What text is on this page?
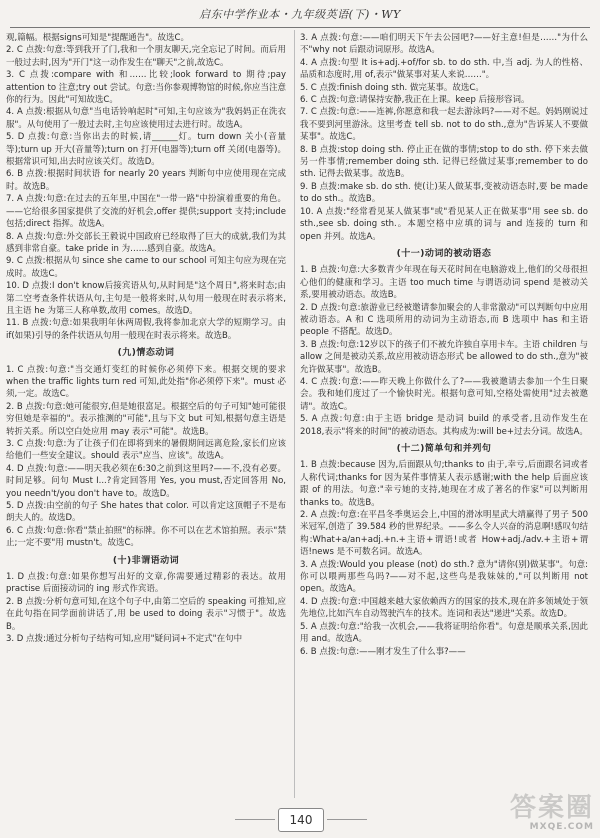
启东中学作业本・九年级英语(下)・WY

观,篇幅。根据signs可知是"提醒通告"。故选C。

2. C 点拨:句意:等到我开了门,我和一个朋友聊天,完全忘记了时间。而后用一般过去时,因为"开门"这一动作发生在"聊天"之前,故选C。

3. C 点拨:compare with 和……比较;look forward to 期待;pay attention to 注意;try out 尝试。句意:当你参观博物馆的时候,你应当注意你的行为。因此"可知故选C。

4. A 点拨:根据从句意"当电话铃响起时"可知,主句应该为"我妈妈正在洗衣服"。从句使用了一般过去时,主句应该使用过去进行时。故选A。

5. D 点拨:句意:当你出去的时候,请______灯。turn down 关小(音量等);turn up 开大(音量等);turn on 打开(电器等);turn off 关闭(电器等)。根据常识可知,出去时应该关灯。故选D。

6. B 点拨:根据时间状语 for nearly 20 years 判断句中应使用现在完成时。故选B。

7. A 点拨:句意:在过去的五年里,中国在"一带一路"中扮演着重要的角色。——它给很多国家提供了交流的好机会,offer 提供;support 支持;include 包括;direct 指挥。故选A。

8. A 点拨:句意:外交部长王毅说中国政府已经取得了巨大的成就,我们为其感到非常自豪。take pride in 为……感到自豪。故选A。

9. C 点拨:根据从句 since she came to our school 可知主句应为现在完成时。故选C。

10. D 点拨:I don't know后接宾语从句,从时间是"这个周日",将来时态;由第二空考查条件状语从句,主句是一般将来时,从句用一般现在时表示将来,且主语 he 为第三人称单数,故用 comes。故选D。

11. B 点拨:句意:如果我明年休两周假,我将参加北京大学的短期学习。由 if(如果)引导的条件状语从句用一般现在时表示将来。故选B。

(九)情态动词

1. C 点拨:句意:"当交通灯变红的时候你必须停下来。根据交规的要求 when the traffic lights turn red 可知,此处指"你必须停下来"。must 必须,一定。故选C。

2. B 点拨:句意:她可能很穷,但是她很富足。根据空后的句子可知"她可能很穷但她是幸福的"。表示推测的"可能",且与下文 but 可知,根据句意主语是转折关系。所以空白处应用 may 表示"可能"。故选B。

3. C 点拨:句意:为了让孩子们在即将到来的暑假期间远离危险,家长们应该给他们一些安全建议。should 表示"应当、应该"。故选A。

4. D 点拨:句意:——明天我必须在6:30之前到这里吗?——不,没有必要。时间足够。问句 Must I...?肯定回答用 Yes, you must,否定回答用 No, you needn't/you don't have to。故选D。

5. D 点拨:由空前的句子 She hates that color. 可以肯定这顶帽子不是布朗夫人的。故选D。

6. C 点拨:句意:你看"禁止拍照"的标牌。你不可以在艺术馆拍照。表示"禁止;一定不要"用 mustn't。故选C。

(十)非谓语动词

1. D 点拨:句意:如果你想写出好的文章,你需要通过精彩的表达。故用 practise 后面接动词的 ing 形式作宾语。

2. B 点拨:分析句意可知,在这个句子中,由第二空后的 speaking 可推知,应在此句指在同学面前讲话了,用 be used to doing 表示"习惯于"。故选B。

3. D 点拨:通过分析句子结构可知,应用"疑问词+不定式"在句中

3. A 点拨:句意:——咱们明天下午去公园吧?——好主意!但是……"为什么不"why not 后跟动词原形。故选A。

4. A 点拨:句型 It is+adj.+of/for sb. to do sth. 中,当 adj. 为人的性格、品质和态度时,用 of,表示"做某事对某人来说……"。

5. C 点拨:finish doing sth. 做完某事。故选C。

6. C 点拨:句意:请保持安静,我正在上课。keep 后接形容词。

7. C 点拨:句意:——连裤,你愿意和我一起去游泳吗?——对不起。妈妈刚说过我不要到河里游泳。这里考查 tell sb. not to do sth.,意为"告诉某人不要做某事"。故选C。

8. B 点拨:stop doing sth. 停止正在做的事情;stop to do sth. 停下来去做另一件事情;remember doing sth. 记得已经做过某事;remember to do sth. 记得去做某事。故选B。

9. B 点拨:make sb. do sth. 使(让)某人做某事,变被动语态时,要 be made to do sth.。故选B。

10. A 点拨:"经常看见某人做某事"或"看见某人正在做某事"用 see sb. do sth.,see sb. doing sth.。本题空格中应填的词与 and 连接的 turn 和 open 并列。故选A。

(十一)动词的被动语态

1. B 点拨:句意:大多数青少年现在每天花时间在电脑游戏上,他们的父母很担心他们的健康和学习。主语 too much time 与谓语动词 spend 是被动关系,要用被动语态。故选B。

2. D 点拨:句意:旅游业已经被邀请参加聚会的人非常激动"可以判断句中应用被动语态。A 和 C 选项所用的动词为主动语态,而 B 选项中 has 和主语 people 不搭配。故选D。

3. B 点拨:句意:12岁以下的孩子们不被允许独自享用卡车。主语 children 与 allow 之间是被动关系,故应用被动语态形式 be allowed to do sth.,意为"被允许做某事"。故选B。

4. C 点拨:句意:——昨天晚上你做什么了?——我被邀请去参加一个生日聚会。我和她们度过了一个愉快时光。根据句意可知,空格处需使用"过去被邀请"。故选C。

5. A 点拨:句意:由于主语 bridge 是动词 build 的承受者,且动作发生在 2018,表示"将来的时间"的被动语态。其构成为:will be+过去分词。故选A。

(十二)简单句和并列句

1. B 点拨:because 因为,后面跟从句;thanks to 由于,幸亏,后面跟名词或者人称代词;thanks for 因为某件事情某人表示感谢;with the help 后面应该跟 of 的用法。句意:"幸亏她的支持,她现在才成了著名的作家"可以判断用 thanks to。故选B。

2. A 点拨:句意:在平昌冬季奥运会上,中国的滑冰明星武大靖赢得了男子 500 米冠军,创造了 39.584 秒的世界纪录。——多么令人兴奋的消息啊!感叹句结构:What+a/an+adj.+n.+主语+谓语!或者 How+adj./adv.+主语+谓语!news 是不可数名词。故选A。

3. A 点拨:Would you please (not) do sth.? 意为"请你(别)做某事"。句意:你可以喂两那些鸟吗?——对不起,这些鸟是我妹妹的,"可以判断用 not open。故选A。

4. D 点拨:句意:中国越来越大家依赖西方的国家的技术,现在許多领域处于领先地位,比如汽车自动驾驶汽车的技术。连词和表达"递进"关系。故选D。

5. A 点拨:句意:"给我一次机会,——我将证明给你看"。句意是顺承关系,因此用 and。故选A。

6. B 点拨:句意:——刚才发生了什么事?——

140	答案圈
MXQE.COM
